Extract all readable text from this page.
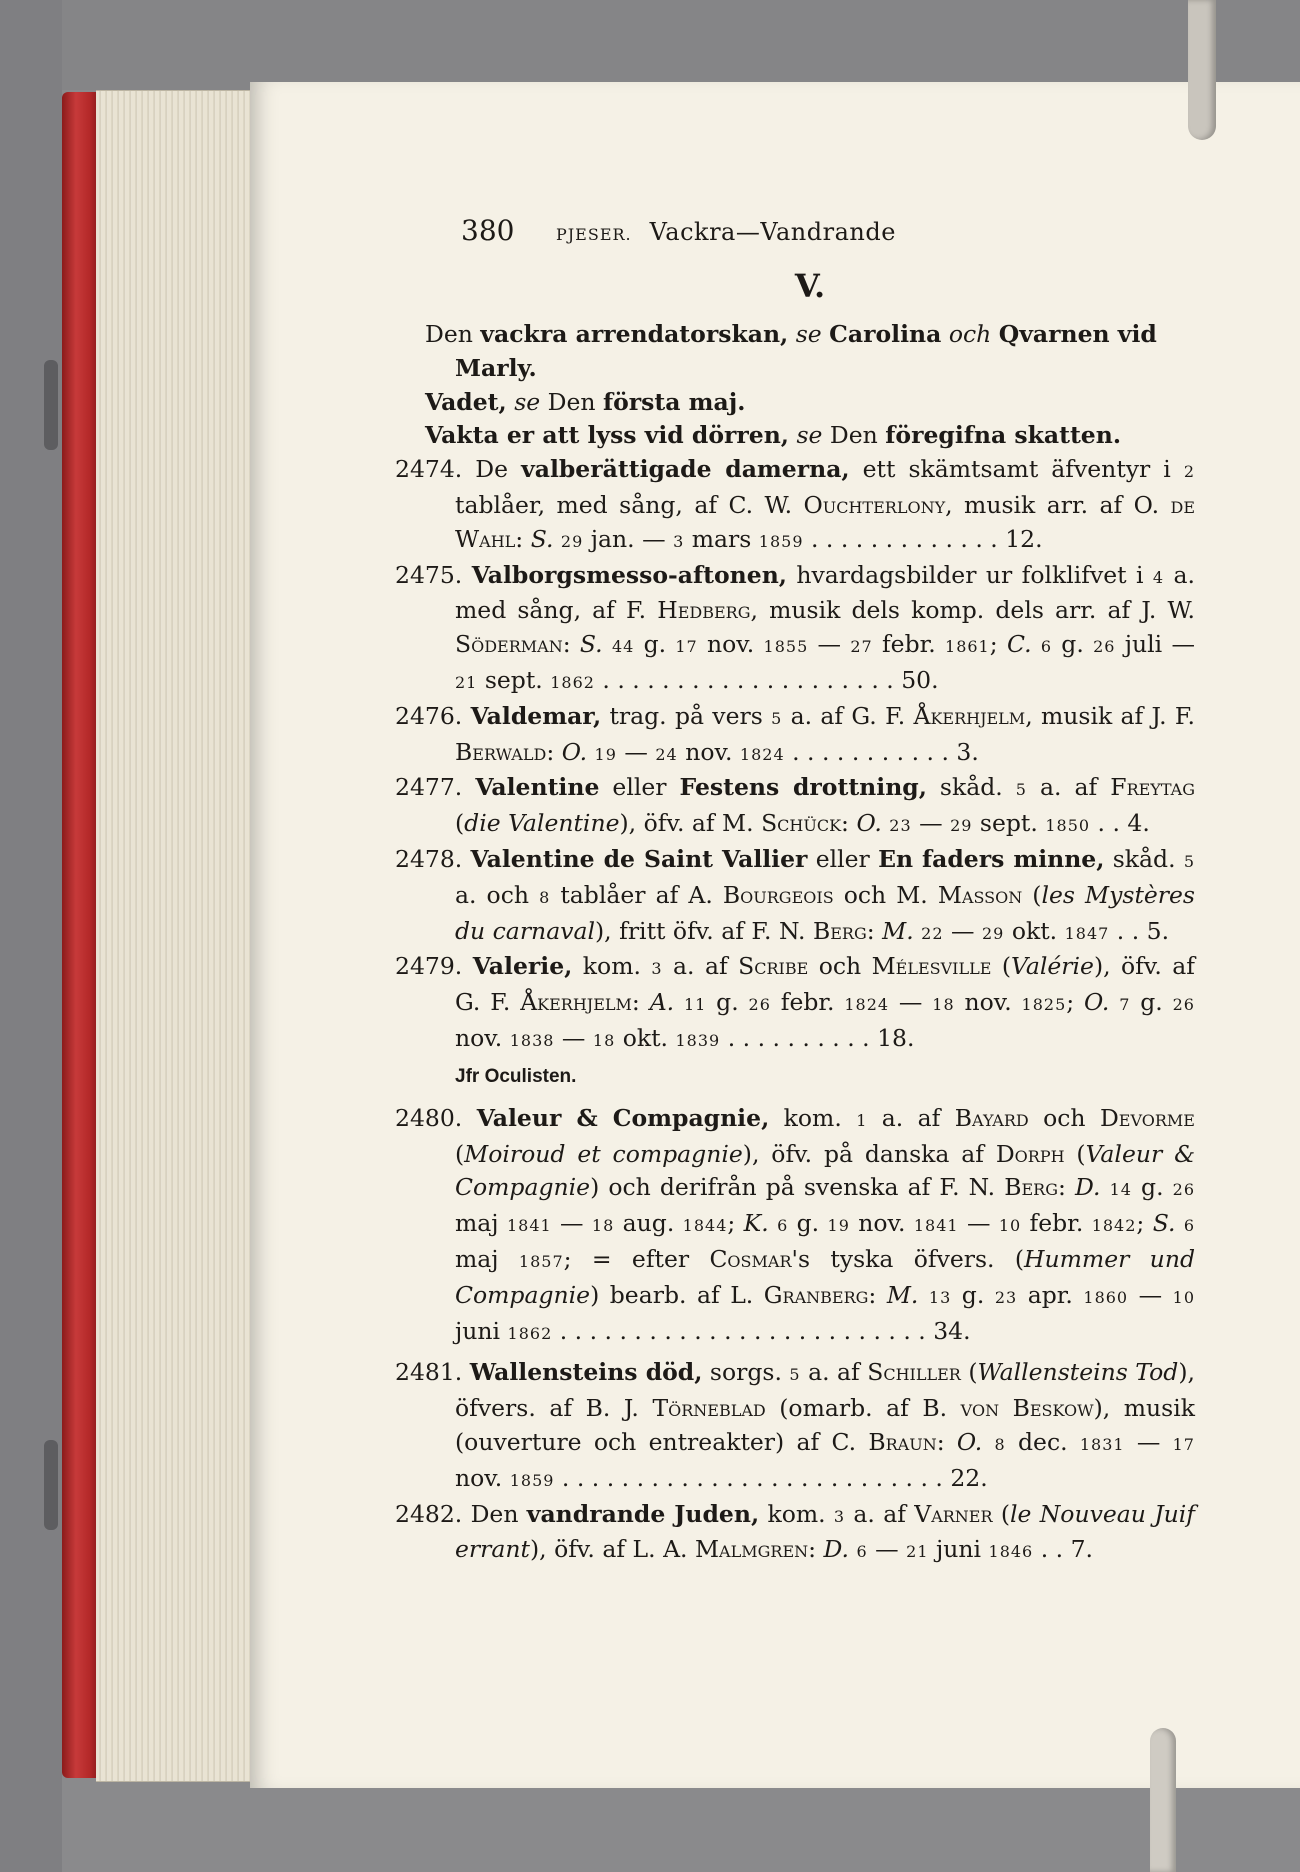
380	PJESER. Vackra—Vandrande
V.

Den vackra arrendatorskan, se Carolina och Qvarnen vid Marly.

Vadet, se Den första maj.

Vakta er att lyss vid dörren, se Den föregifna skatten.

2474. De valberättigade damerna, ett skämtsamt äfventyr i 2 tablåer, med sång, af C. W. Ouchterlony, musik arr. af O. de Wahl: S. 29 jan. — 3 mars 1859 . . . . . . . . . . . . . 12.

2475. Valborgsmesso-aftonen, hvardagsbilder ur folklifvet i 4 a. med sång, af F. Hedberg, musik dels komp. dels arr. af J. W. Söderman: S. 44 g. 17 nov. 1855 — 27 febr. 1861; C. 6 g. 26 juli — 21 sept. 1862 . . . . . . . . . . . . . . . . . . . . 50.

2476. Valdemar, trag. på vers 5 a. af G. F. Åkerhjelm, musik af J. F. Berwald: O. 19 — 24 nov. 1824 . . . . . . . . . . . 3.

2477. Valentine eller Festens drottning, skåd. 5 a. af Freytag (die Valentine), öfv. af M. Schück: O. 23 — 29 sept. 1850 . . 4.

2478. Valentine de Saint Vallier eller En faders minne, skåd. 5 a. och 8 tablåer af A. Bourgeois och M. Masson (les Mystères du carnaval), fritt öfv. af F. N. Berg: M. 22 — 29 okt. 1847 . . 5.

2479. Valerie, kom. 3 a. af Scribe och Mélesville (Valérie), öfv. af G. F. Åkerhjelm: A. 11 g. 26 febr. 1824 — 18 nov. 1825; O. 7 g. 26 nov. 1838 — 18 okt. 1839 . . . . . . . . . . 18.

Jfr Oculisten.

2480. Valeur & Compagnie, kom. 1 a. af Bayard och Devorme (Moiroud et compagnie), öfv. på danska af Dorph (Valeur & Compagnie) och derifrån på svenska af F. N. Berg: D. 14 g. 26 maj 1841 — 18 aug. 1844; K. 6 g. 19 nov. 1841 — 10 febr. 1842; S. 6 maj 1857; = efter Cosmar's tyska öfvers. (Hummer und Compagnie) bearb. af L. Granberg: M. 13 g. 23 apr. 1860 — 10 juni 1862 . . . . . . . . . . . . . . . . . . . . . . . . . 34.

2481. Wallensteins död, sorgs. 5 a. af Schiller (Wallensteins Tod), öfvers. af B. J. Törneblad (omarb. af B. von Beskow), musik (ouverture och entreakter) af C. Braun: O. 8 dec. 1831 — 17 nov. 1859 . . . . . . . . . . . . . . . . . . . . . . . . . . 22.

2482. Den vandrande Juden, kom. 3 a. af Varner (le Nouveau Juif errant), öfv. af L. A. Malmgren: D. 6 — 21 juni 1846 . . 7.
